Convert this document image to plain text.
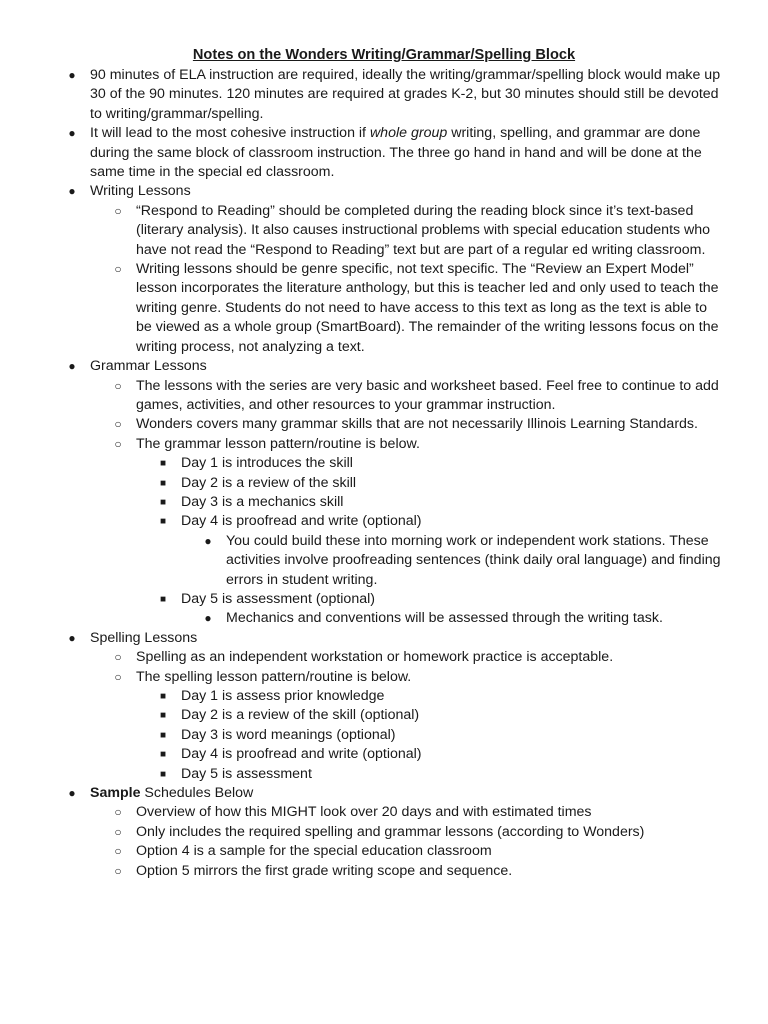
Notes on the Wonders Writing/Grammar/Spelling Block
●	90 minutes of ELA instruction are required, ideally the writing/grammar/spelling block would make up 30 of the 90 minutes. 120 minutes are required at grades K-2, but 30 minutes should still be devoted to writing/grammar/spelling.
●	It will lead to the most cohesive instruction if whole group writing, spelling, and grammar are done during the same block of classroom instruction. The three go hand in hand and will be done at the same time in the special ed classroom.
●	Writing Lessons
○	“Respond to Reading” should be completed during the reading block since it’s text-based (literary analysis). It also causes instructional problems with special education students who have not read the “Respond to Reading” text but are part of a regular ed writing classroom.
○	Writing lessons should be genre specific, not text specific. The “Review an Expert Model” lesson incorporates the literature anthology, but this is teacher led and only used to teach the writing genre. Students do not need to have access to this text as long as the text is able to be viewed as a whole group (SmartBoard). The remainder of the writing lessons focus on the writing process, not analyzing a text.
●	Grammar Lessons
○	The lessons with the series are very basic and worksheet based. Feel free to continue to add games, activities, and other resources to your grammar instruction.
○	Wonders covers many grammar skills that are not necessarily Illinois Learning Standards.
○	The grammar lesson pattern/routine is below.
■	Day 1 is introduces the skill
■	Day 2 is a review of the skill
■	Day 3 is a mechanics skill
■	Day 4 is proofread and write (optional)
●	You could build these into morning work or independent work stations. These activities involve proofreading sentences (think daily oral language) and finding errors in student writing.
■	Day 5 is assessment (optional)
●	Mechanics and conventions will be assessed through the writing task.
●	Spelling Lessons
○	Spelling as an independent workstation or homework practice is acceptable.
○	The spelling lesson pattern/routine is below.
■	Day 1 is assess prior knowledge
■	Day 2 is a review of the skill (optional)
■	Day 3 is word meanings (optional)
■	Day 4 is proofread and write (optional)
■	Day 5 is assessment
●	Sample Schedules Below
○	Overview of how this MIGHT look over 20 days and with estimated times
○	Only includes the required spelling and grammar lessons (according to Wonders)
○	Option 4 is a sample for the special education classroom
○	Option 5 mirrors the first grade writing scope and sequence.
